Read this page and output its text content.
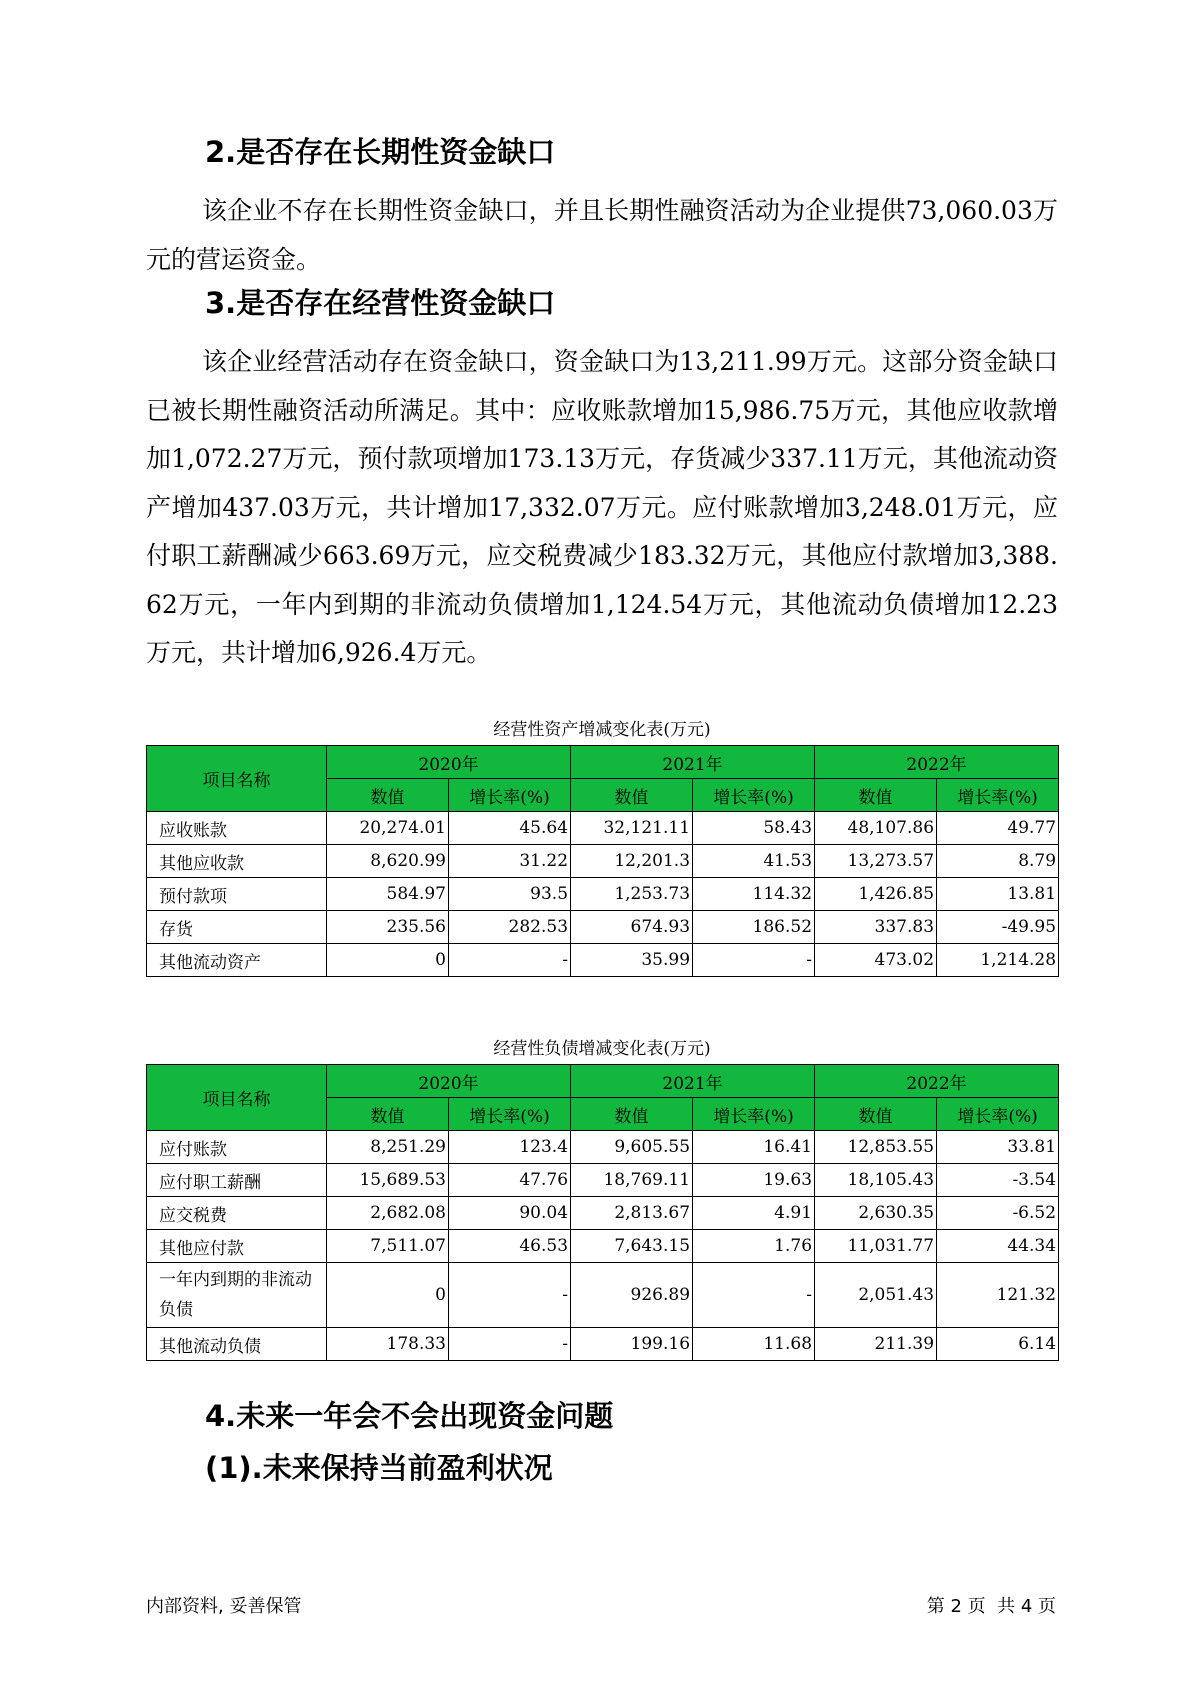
2.是否存在长期性资金缺口

该企业不存在长期性资金缺口，并且长期性融资活动为企业提供73,060.03万元的营运资金。

3.是否存在经营性资金缺口

该企业经营活动存在资金缺口，资金缺口为13,211.99万元。这部分资金缺口已被长期性融资活动所满足。其中：应收账款增加15,986.75万元，其他应收款增加1,072.27万元，预付款项增加173.13万元，存货减少337.11万元，其他流动资产增加437.03万元，共计增加17,332.07万元。应付账款增加3,248.01万元，应付职工薪酬减少663.69万元，应交税费减少183.32万元，其他应付款增加3,388.62万元，一年内到期的非流动负债增加1,124.54万元，其他流动负债增加12.23万元，共计增加6,926.4万元。

经营性资产增减变化表(万元)
项目名称	2020年		2021年		2022年	
	数值	增长率(%)	数值	增长率(%)	数值	增长率(%)
应收账款	20,274.01	45.64	32,121.11	58.43	48,107.86	49.77
其他应收款	8,620.99	31.22	12,201.3	41.53	13,273.57	8.79
预付款项	584.97	93.5	1,253.73	114.32	1,426.85	13.81
存货	235.56	282.53	674.93	186.52	337.83	-49.95
其他流动资产	0	-	35.99	-	473.02	1,214.28
经营性负债增减变化表(万元)
项目名称	2020年		2021年		2022年	
	数值	增长率(%)	数值	增长率(%)	数值	增长率(%)
应付账款	8,251.29	123.4	9,605.55	16.41	12,853.55	33.81
应付职工薪酬	15,689.53	47.76	18,769.11	19.63	18,105.43	-3.54
应交税费	2,682.08	90.04	2,813.67	4.91	2,630.35	-6.52
其他应付款	7,511.07	46.53	7,643.15	1.76	11,031.77	44.34
一年内到期的非流动负债	0	-	926.89	-	2,051.43	121.32
其他流动负债	178.33	-	199.16	11.68	211.39	6.14
4.未来一年会不会出现资金问题
(1).未来保持当前盈利状况
内部资料, 妥善保管	第 2 页  共 4 页
